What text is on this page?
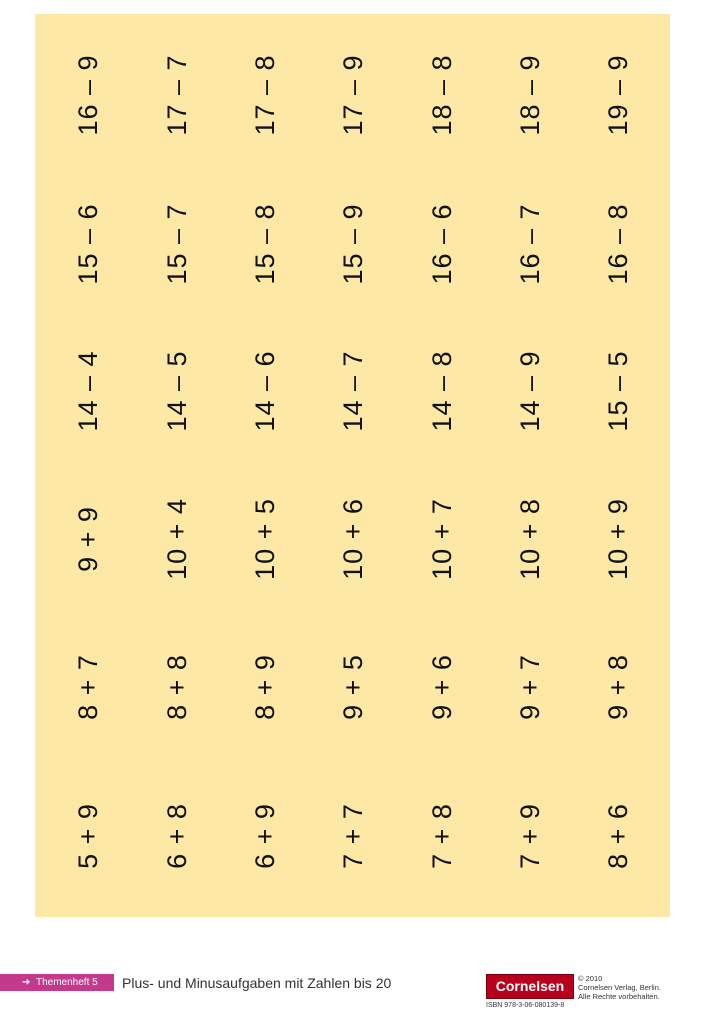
16 – 9 17 – 7 17 – 8 17 – 9 18 – 8 18 – 9 19 – 9
15 – 6 15 – 7 15 – 8 15 – 9 16 – 6 16 – 7 16 – 8
14 – 4 14 – 5 14 – 6 14 – 7 14 – 8 14 – 9 15 – 5
9 + 9 10 + 4 10 + 5 10 + 6 10 + 7 10 + 8 10 + 9
8 + 7 8 + 8 8 + 9 9 + 5 9 + 6 9 + 7 9 + 8
5 + 9 6 + 8 6 + 9 7 + 7 7 + 8 7 + 9 8 + 6
➔ Themenheft 5	Plus- und Minusaufgaben mit Zahlen bis 20	Cornelsen
ISBN 978-3-06-080139-8
© 2010
Cornelsen Verlag, Berlin.
Alle Rechte vorbehalten.
